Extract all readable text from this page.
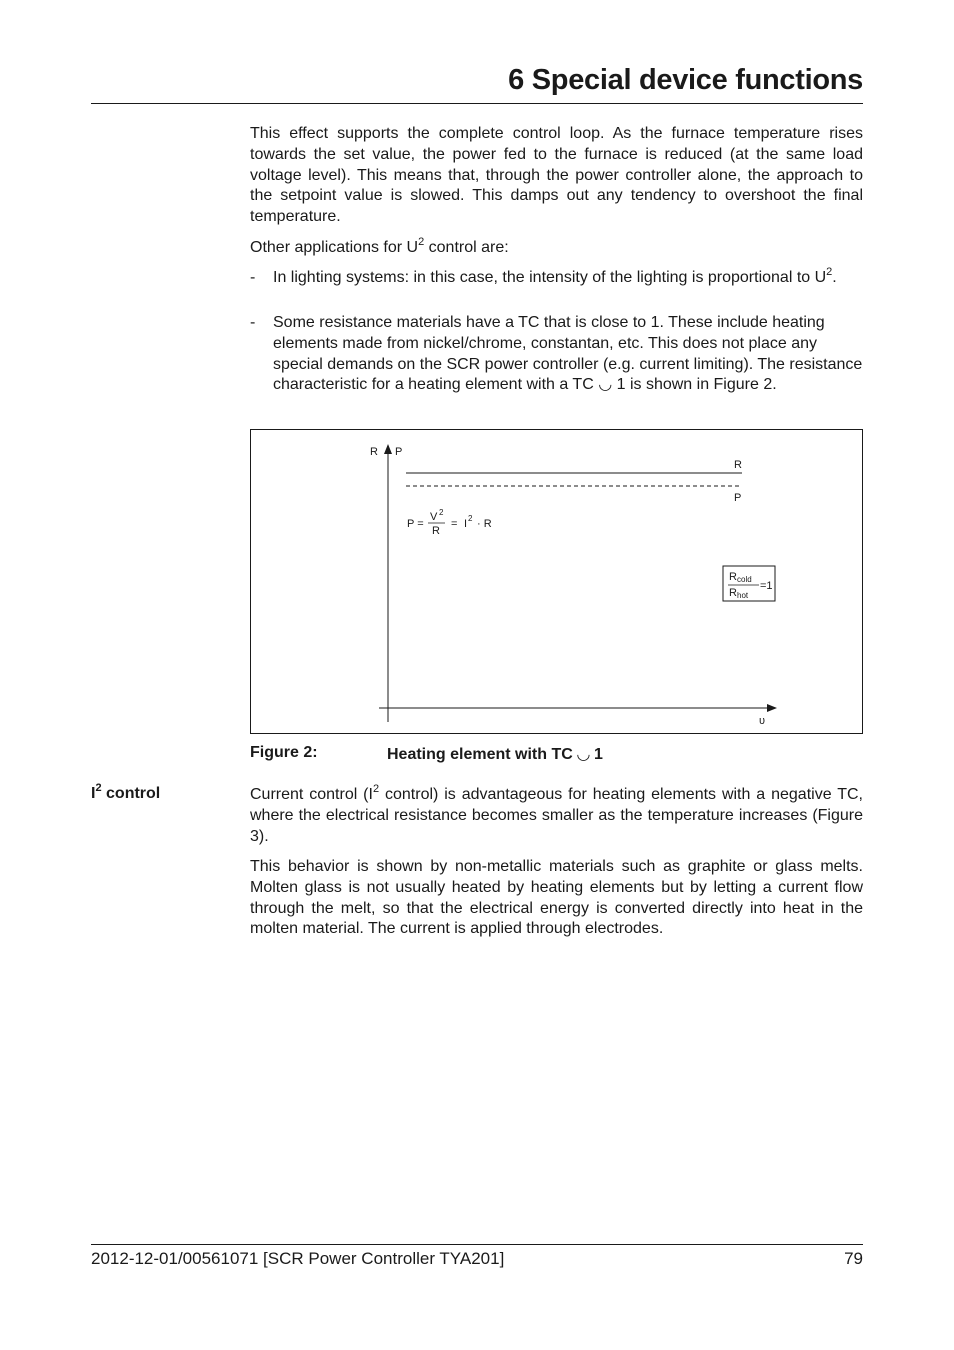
6 Special device functions

This effect supports the complete control loop. As the furnace temperature rises towards the set value, the power fed to the furnace is reduced (at the same load voltage level). This means that, through the power controller alone, the approach to the setpoint value is slowed. This damps out any tendency to overshoot the final temperature.

Other applications for $U^2$ control are:

- In lighting systems: in this case, the intensity of the lighting is proportional to $U^2$.
- Some resistance materials have a TC that is close to 1. These include heating elements made from nickel/chrome, constantan, etc. This does not place any special demands on the SCR power controller (e.g. current limiting). The resistance characteristic for a heating element with a TC ◡ 1 is shown in Figure 2.
R P
υ
R
P
P =
V 2
R
= I 2 · R
R cold
R hot
=1
Figure 2:	Heating element with TC ◡ 1
$I^2$ control	Current control ($I^2$ control) is advantageous for heating elements with a negative TC, where the electrical resistance becomes smaller as the temperature increases (Figure 3).

This behavior is shown by non-metallic materials such as graphite or glass melts. Molten glass is not usually heated by heating elements but by letting a current flow through the melt, so that the electrical energy is converted directly into heat in the molten material. The current is applied through electrodes.

2012-12-01/00561071 [SCR Power Controller TYA201]	79
